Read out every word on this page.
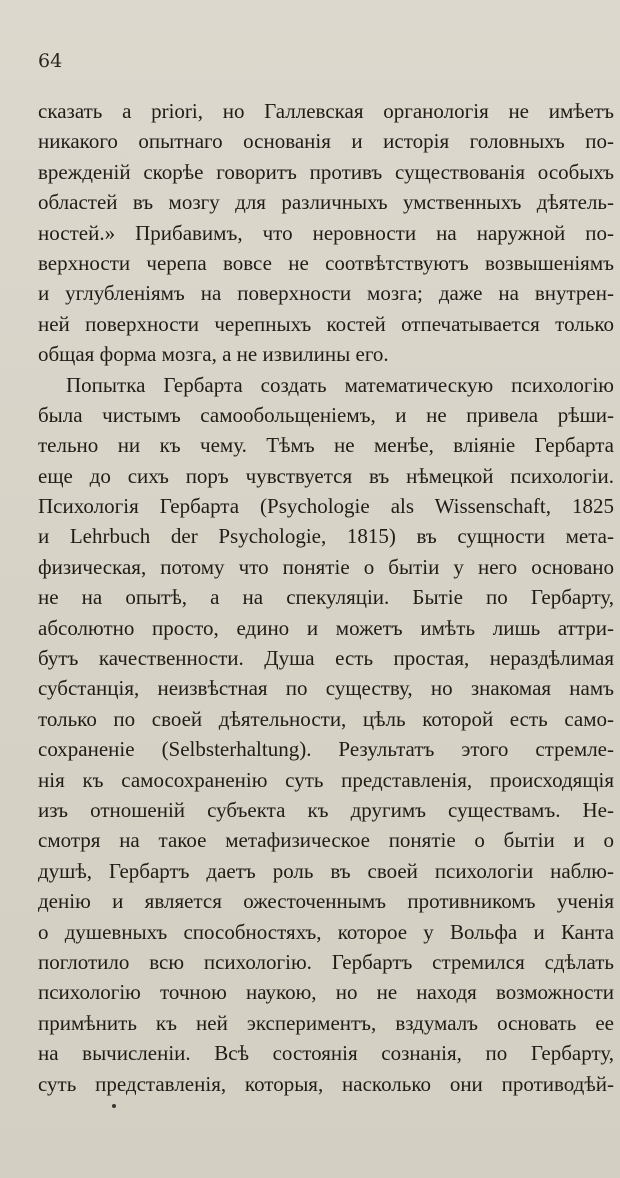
64

сказать a priori, но Галлевская органологія не имѣетъ
никакого опытнаго основанія и исторія головныхъ по-
врежденій скорѣе говоритъ противъ существованія особыхъ
областей въ мозгу для различныхъ умственныхъ дѣятель-
ностей.» Прибавимъ, что неровности на наружной по-
верхности черепа вовсе не соотвѣтствуютъ возвышеніямъ
и углубленіямъ на поверхности мозга; даже на внутрен-
ней поверхности черепныхъ костей отпечатывается только
общая форма мозга, а не извилины его.
Попытка Гербарта создать математическую психологію
была чистымъ самообольщеніемъ, и не привела рѣши-
тельно ни къ чему. Тѣмъ не менѣе, вліяніе Гербарта
еще до сихъ поръ чувствуется въ нѣмецкой психологіи.
Психологія Гербарта (Psychologie als Wissenschaft, 1825
и Lehrbuch der Psychologie, 1815) въ сущности мета-
физическая, потому что понятіе о бытіи у него основано
не на опытѣ, а на спекуляціи. Бытіе по Гербарту,
абсолютно просто, едино и можетъ имѣть лишь аттри-
бутъ качественности. Душа есть простая, нераздѣлимая
субстанція, неизвѣстная по существу, но знакомая намъ
только по своей дѣятельности, цѣль которой есть само-
сохраненіе (Selbsterhaltung). Результатъ этого стремле-
нія къ самосохраненію суть представленія, происходящія
изъ отношеній субъекта къ другимъ существамъ. Не-
смотря на такое метафизическое понятіе о бытіи и о
душѣ, Гербартъ даетъ роль въ своей психологіи наблю-
денію и является ожесточеннымъ противникомъ ученія
о душевныхъ способностяхъ, которое у Вольфа и Канта
поглотило всю психологію. Гербартъ стремился сдѣлать
психологію точною наукою, но не находя возможности
примѣнить къ ней экспериментъ, вздумалъ основать ее
на вычисленіи. Всѣ состоянія сознанія, по Гербарту,
суть представленія, которыя, насколько они противодѣй-
